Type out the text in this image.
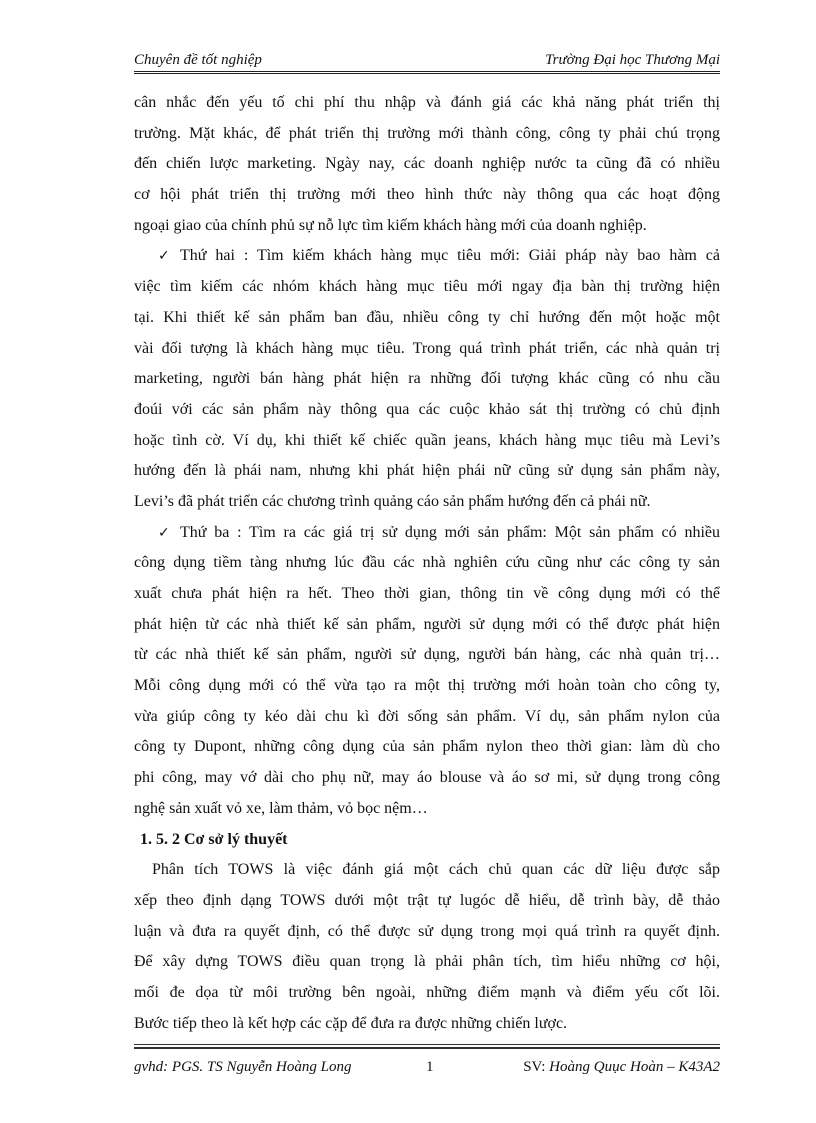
Chuyên đề tốt nghiệp	Trường Đại học Thương Mại
cân nhắc đến yếu tố chi phí thu nhập và đánh giá các khả năng phát triển thị
trường. Mặt khác, để phát triển thị trường mới thành công, công ty phải chú trọng
đến chiến lược marketing. Ngày nay, các doanh nghiệp nước ta cũng đã có nhiều
cơ hội phát triển thị trường mới theo hình thức này thông qua các hoạt động
ngoại giao của chính phủ sự nỗ lực tìm kiếm khách hàng mới của doanh nghiệp.
✓ Thứ hai : Tìm kiếm khách hàng mục tiêu mới: Giải pháp này bao hàm cả
việc tìm kiếm các nhóm khách hàng mục tiêu mới ngay địa bàn thị trường hiện
tại. Khi thiết kế sản phẩm ban đầu, nhiều công ty chỉ hướng đến một hoặc một
vài đối tượng là khách hàng mục tiêu. Trong quá trình phát triển, các nhà quản trị
marketing, người bán hàng phát hiện ra những đối tượng khác cũng có nhu cầu
đoúi với các sản phẩm này thông qua các cuộc khảo sát thị trường có chủ định
hoặc tình cờ. Ví dụ, khi thiết kế chiếc quần jeans, khách hàng mục tiêu mà Levi’s
hướng đến là phái nam, nhưng khi phát hiện phái nữ cũng sử dụng sản phẩm này,
Levi’s đã phát triển các chương trình quảng cáo sản phẩm hướng đến cả phái nữ.
✓ Thứ ba : Tìm ra các giá trị sử dụng mới sản phẩm: Một sản phẩm có nhiều
công dụng tiềm tàng nhưng lúc đầu các nhà nghiên cứu cũng như các công ty sản
xuất chưa phát hiện ra hết. Theo thời gian, thông tin về công dụng mới có thể
phát hiện từ các nhà thiết kế sản phẩm, người sử dụng mới có thể được phát hiện
từ các nhà thiết kế sản phẩm, người sử dụng, người bán hàng, các nhà quản trị…
Mỗi công dụng mới có thể vừa tạo ra một thị trường mới hoàn toàn cho công ty,
vừa giúp công ty kéo dài chu kì đời sống sản phẩm. Ví dụ, sản phẩm nylon của
công ty Dupont, những công dụng của sản phẩm nylon theo thời gian: làm dù cho
phi công, may vớ dài cho phụ nữ, may áo blouse và áo sơ mi, sử dụng trong công
nghệ sản xuất vỏ xe, làm thảm, vỏ bọc nệm…
1. 5. 2 Cơ sở lý thuyết
Phân tích TOWS là việc đánh giá một cách chủ quan các dữ liệu được sắp
xếp theo định dạng TOWS dưới một trật tự lugóc dễ hiểu, dễ trình bày, dễ thảo
luận và đưa ra quyết định, có thể được sử dụng trong mọi quá trình ra quyết định.
Để xây dựng TOWS điều quan trọng là phải phân tích, tìm hiểu những cơ hội,
mối đe dọa từ môi trường bên ngoài, những điểm mạnh và điểm yếu cốt lõi.
Bước tiếp theo là kết hợp các cặp để đưa ra được những chiến lược.
gvhd: PGS. TS Nguyễn Hoàng Long	1	SV: Hoàng Quục Hoàn – K43A2
